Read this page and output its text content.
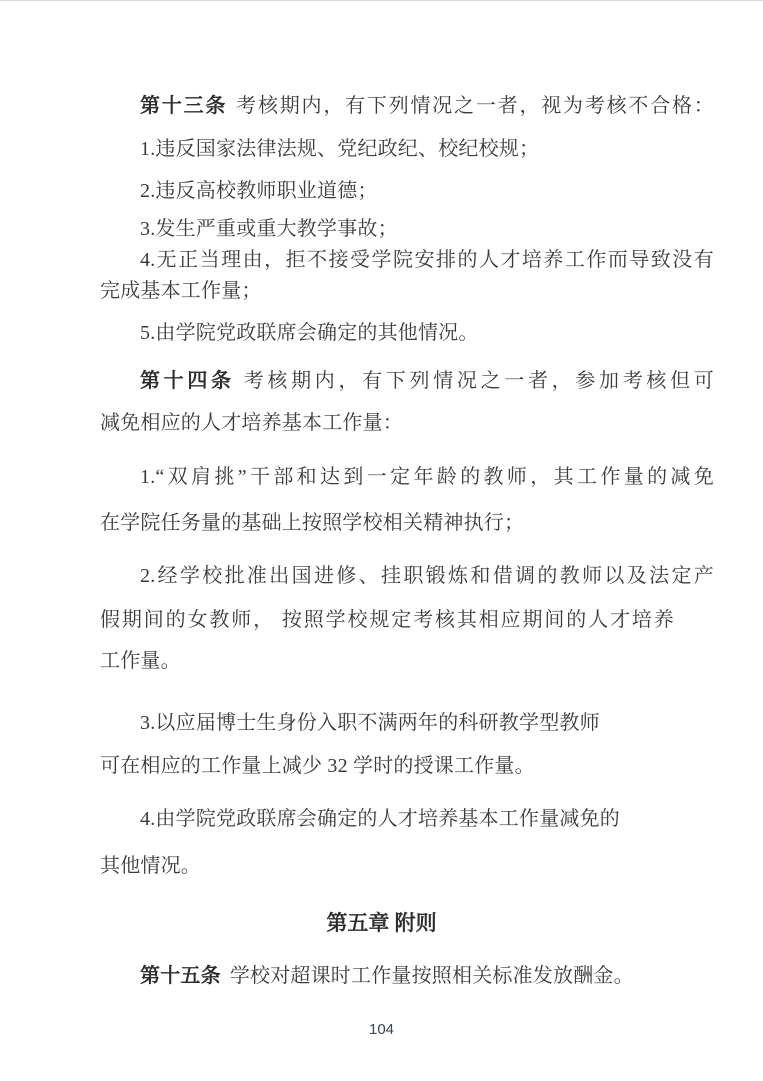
第十三条 考核期内，有下列情况之一者，视为考核不合格：
1.违反国家法律法规、党纪政纪、校纪校规；
2.违反高校教师职业道德；
3.发生严重或重大教学事故；
4.无正当理由，拒不接受学院安排的人才培养工作而导致没有
完成基本工作量；
5.由学院党政联席会确定的其他情况。
第十四条 考核期内，有下列情况之一者，参加考核但可
减免相应的人才培养基本工作量：
1.“双肩挑”干部和达到一定年龄的教师，其工作量的减免
在学院任务量的基础上按照学校相关精神执行；
2.经学校批准出国进修、挂职锻炼和借调的教师以及法定产
假期间的女教师， 按照学校规定考核其相应期间的人才培养
工作量。
3.以应届博士生身份入职不满两年的科研教学型教师
可在相应的工作量上减少 32 学时的授课工作量。
4.由学院党政联席会确定的人才培养基本工作量减免的
其他情况。
第五章 附则
第十五条 学校对超课时工作量按照相关标准发放酬金。
104
